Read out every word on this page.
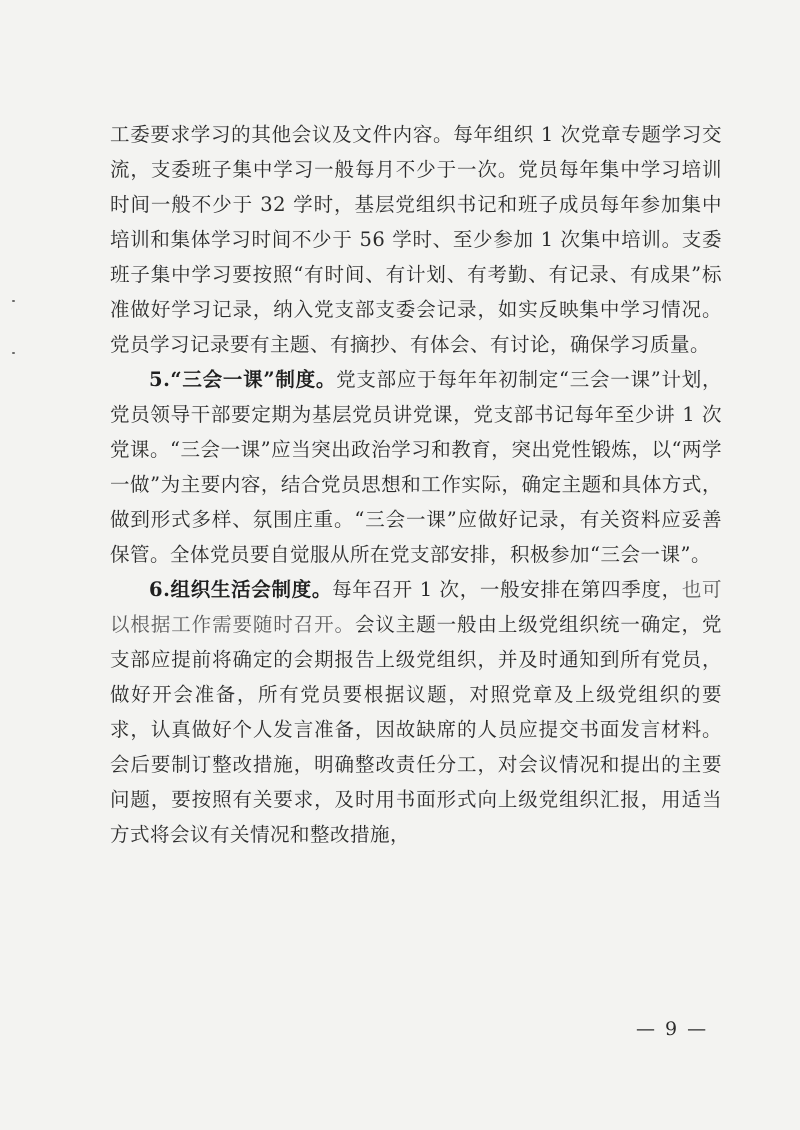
工委要求学习的其他会议及文件内容。每年组织 1 次党章专题学习交流，支委班子集中学习一般每月不少于一次。党员每年集中学习培训时间一般不少于 32 学时，基层党组织书记和班子成员每年参加集中培训和集体学习时间不少于 56 学时、至少参加 1 次集中培训。支委班子集中学习要按照“有时间、有计划、有考勤、有记录、有成果”标准做好学习记录，纳入党支部支委会记录，如实反映集中学习情况。党员学习记录要有主题、有摘抄、有体会、有讨论，确保学习质量。

5.“三会一课”制度。党支部应于每年年初制定“三会一课”计划，党员领导干部要定期为基层党员讲党课，党支部书记每年至少讲 1 次党课。“三会一课”应当突出政治学习和教育，突出党性锻炼，以“两学一做”为主要内容，结合党员思想和工作实际，确定主题和具体方式，做到形式多样、氛围庄重。“三会一课”应做好记录，有关资料应妥善保管。全体党员要自觉服从所在党支部安排，积极参加“三会一课”。

6.组织生活会制度。每年召开 1 次，一般安排在第四季度，也可以根据工作需要随时召开。会议主题一般由上级党组织统一确定，党支部应提前将确定的会期报告上级党组织，并及时通知到所有党员，做好开会准备，所有党员要根据议题，对照党章及上级党组织的要求，认真做好个人发言准备，因故缺席的人员应提交书面发言材料。会后要制订整改措施，明确整改责任分工，对会议情况和提出的主要问题，要按照有关要求，及时用书面形式向上级党组织汇报，用适当方式将会议有关情况和整改措施，

— 9 —
